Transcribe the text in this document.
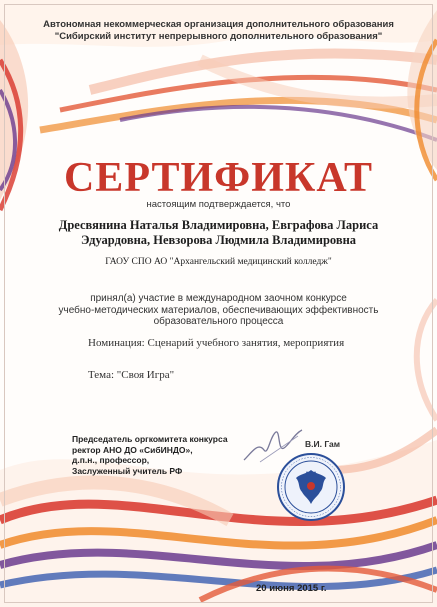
Автономная некоммерческая организация дополнительного образования

"Сибирский институт непрерывного дополнительного образования"

СЕРТИФИКАТ

настоящим подтверждается, что

Дресвянина Наталья Владимировна, Евграфова Лариса
Эдуардовна, Невзорова Людмила Владимировна

ГАОУ СПО АО "Архангельский медицинский колледж"

принял(а) участие в международном заочном конкурсе
учебно-методических материалов, обеспечивающих эффективность
образовательного процесса

Номинация: Сценарий учебного занятия, мероприятия

Тема: "Своя Игра"

Председатель оргкомитета конкурса
ректор АНО ДО «СибИНДО»,
д.п.н., профессор,
Заслуженный учитель РФ

В.И. Гам

20 июня 2015 г.
